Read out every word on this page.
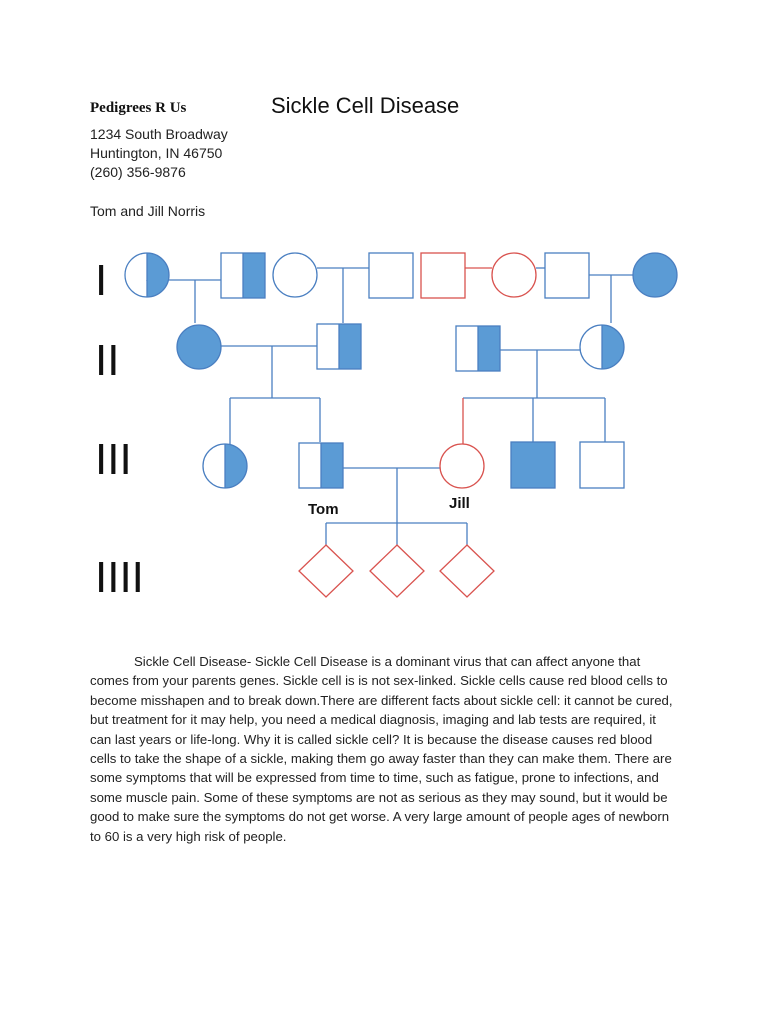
Pedigrees R Us	Sickle Cell Disease
1234 South Broadway
Huntington, IN 46750
(260) 356-9876
Tom and Jill Norris
I
II
III
IIII
Tom	Jill

Sickle Cell Disease- Sickle Cell Disease is a dominant virus that can affect anyone that comes from your parents genes. Sickle cell is is not sex-linked. Sickle cells cause red blood cells to become misshapen and to break down.There are different facts about sickle cell: it cannot be cured, but treatment for it may help, you need a medical diagnosis, imaging and lab tests are required, it can last years or life-long. Why it is called sickle cell? It is because the disease causes red blood cells to take the shape of a sickle, making them go away faster than they can make them. There are some symptoms that will be expressed from time to time, such as fatigue, prone to infections, and some muscle pain. Some of these symptoms are not as serious as they may sound, but it would be good to make sure the symptoms do not get worse. A very large amount of people ages of newborn to 60 is a very high risk of people.
